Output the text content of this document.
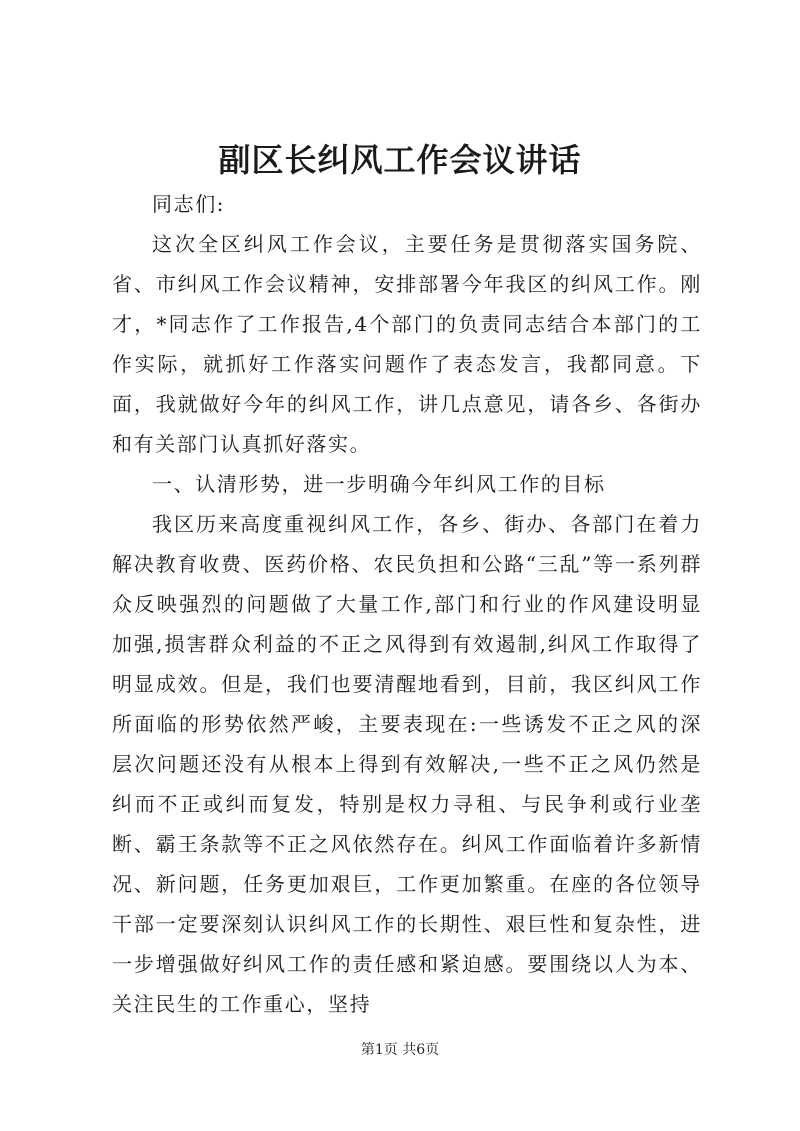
副区长纠风工作会议讲话

同志们:

这次全区纠风工作会议，主要任务是贯彻落实国务院、省、市纠风工作会议精神，安排部署今年我区的纠风工作。刚才，*同志作了工作报告,4个部门的负责同志结合本部门的工作实际，就抓好工作落实问题作了表态发言，我都同意。下面，我就做好今年的纠风工作，讲几点意见，请各乡、各街办和有关部门认真抓好落实。

一、认清形势，进一步明确今年纠风工作的目标

我区历来高度重视纠风工作，各乡、街办、各部门在着力解决教育收费、医药价格、农民负担和公路“三乱”等一系列群众反映强烈的问题做了大量工作,部门和行业的作风建设明显加强,损害群众利益的不正之风得到有效遏制,纠风工作取得了明显成效。但是，我们也要清醒地看到，目前，我区纠风工作所面临的形势依然严峻，主要表现在:一些诱发不正之风的深层次问题还没有从根本上得到有效解决,一些不正之风仍然是纠而不正或纠而复发，特别是权力寻租、与民争利或行业垄断、霸王条款等不正之风依然存在。纠风工作面临着许多新情况、新问题，任务更加艰巨，工作更加繁重。在座的各位领导干部一定要深刻认识纠风工作的长期性、艰巨性和复杂性，进一步增强做好纠风工作的责任感和紧迫感。要围绕以人为本、关注民生的工作重心，坚持

第1页 共6页
